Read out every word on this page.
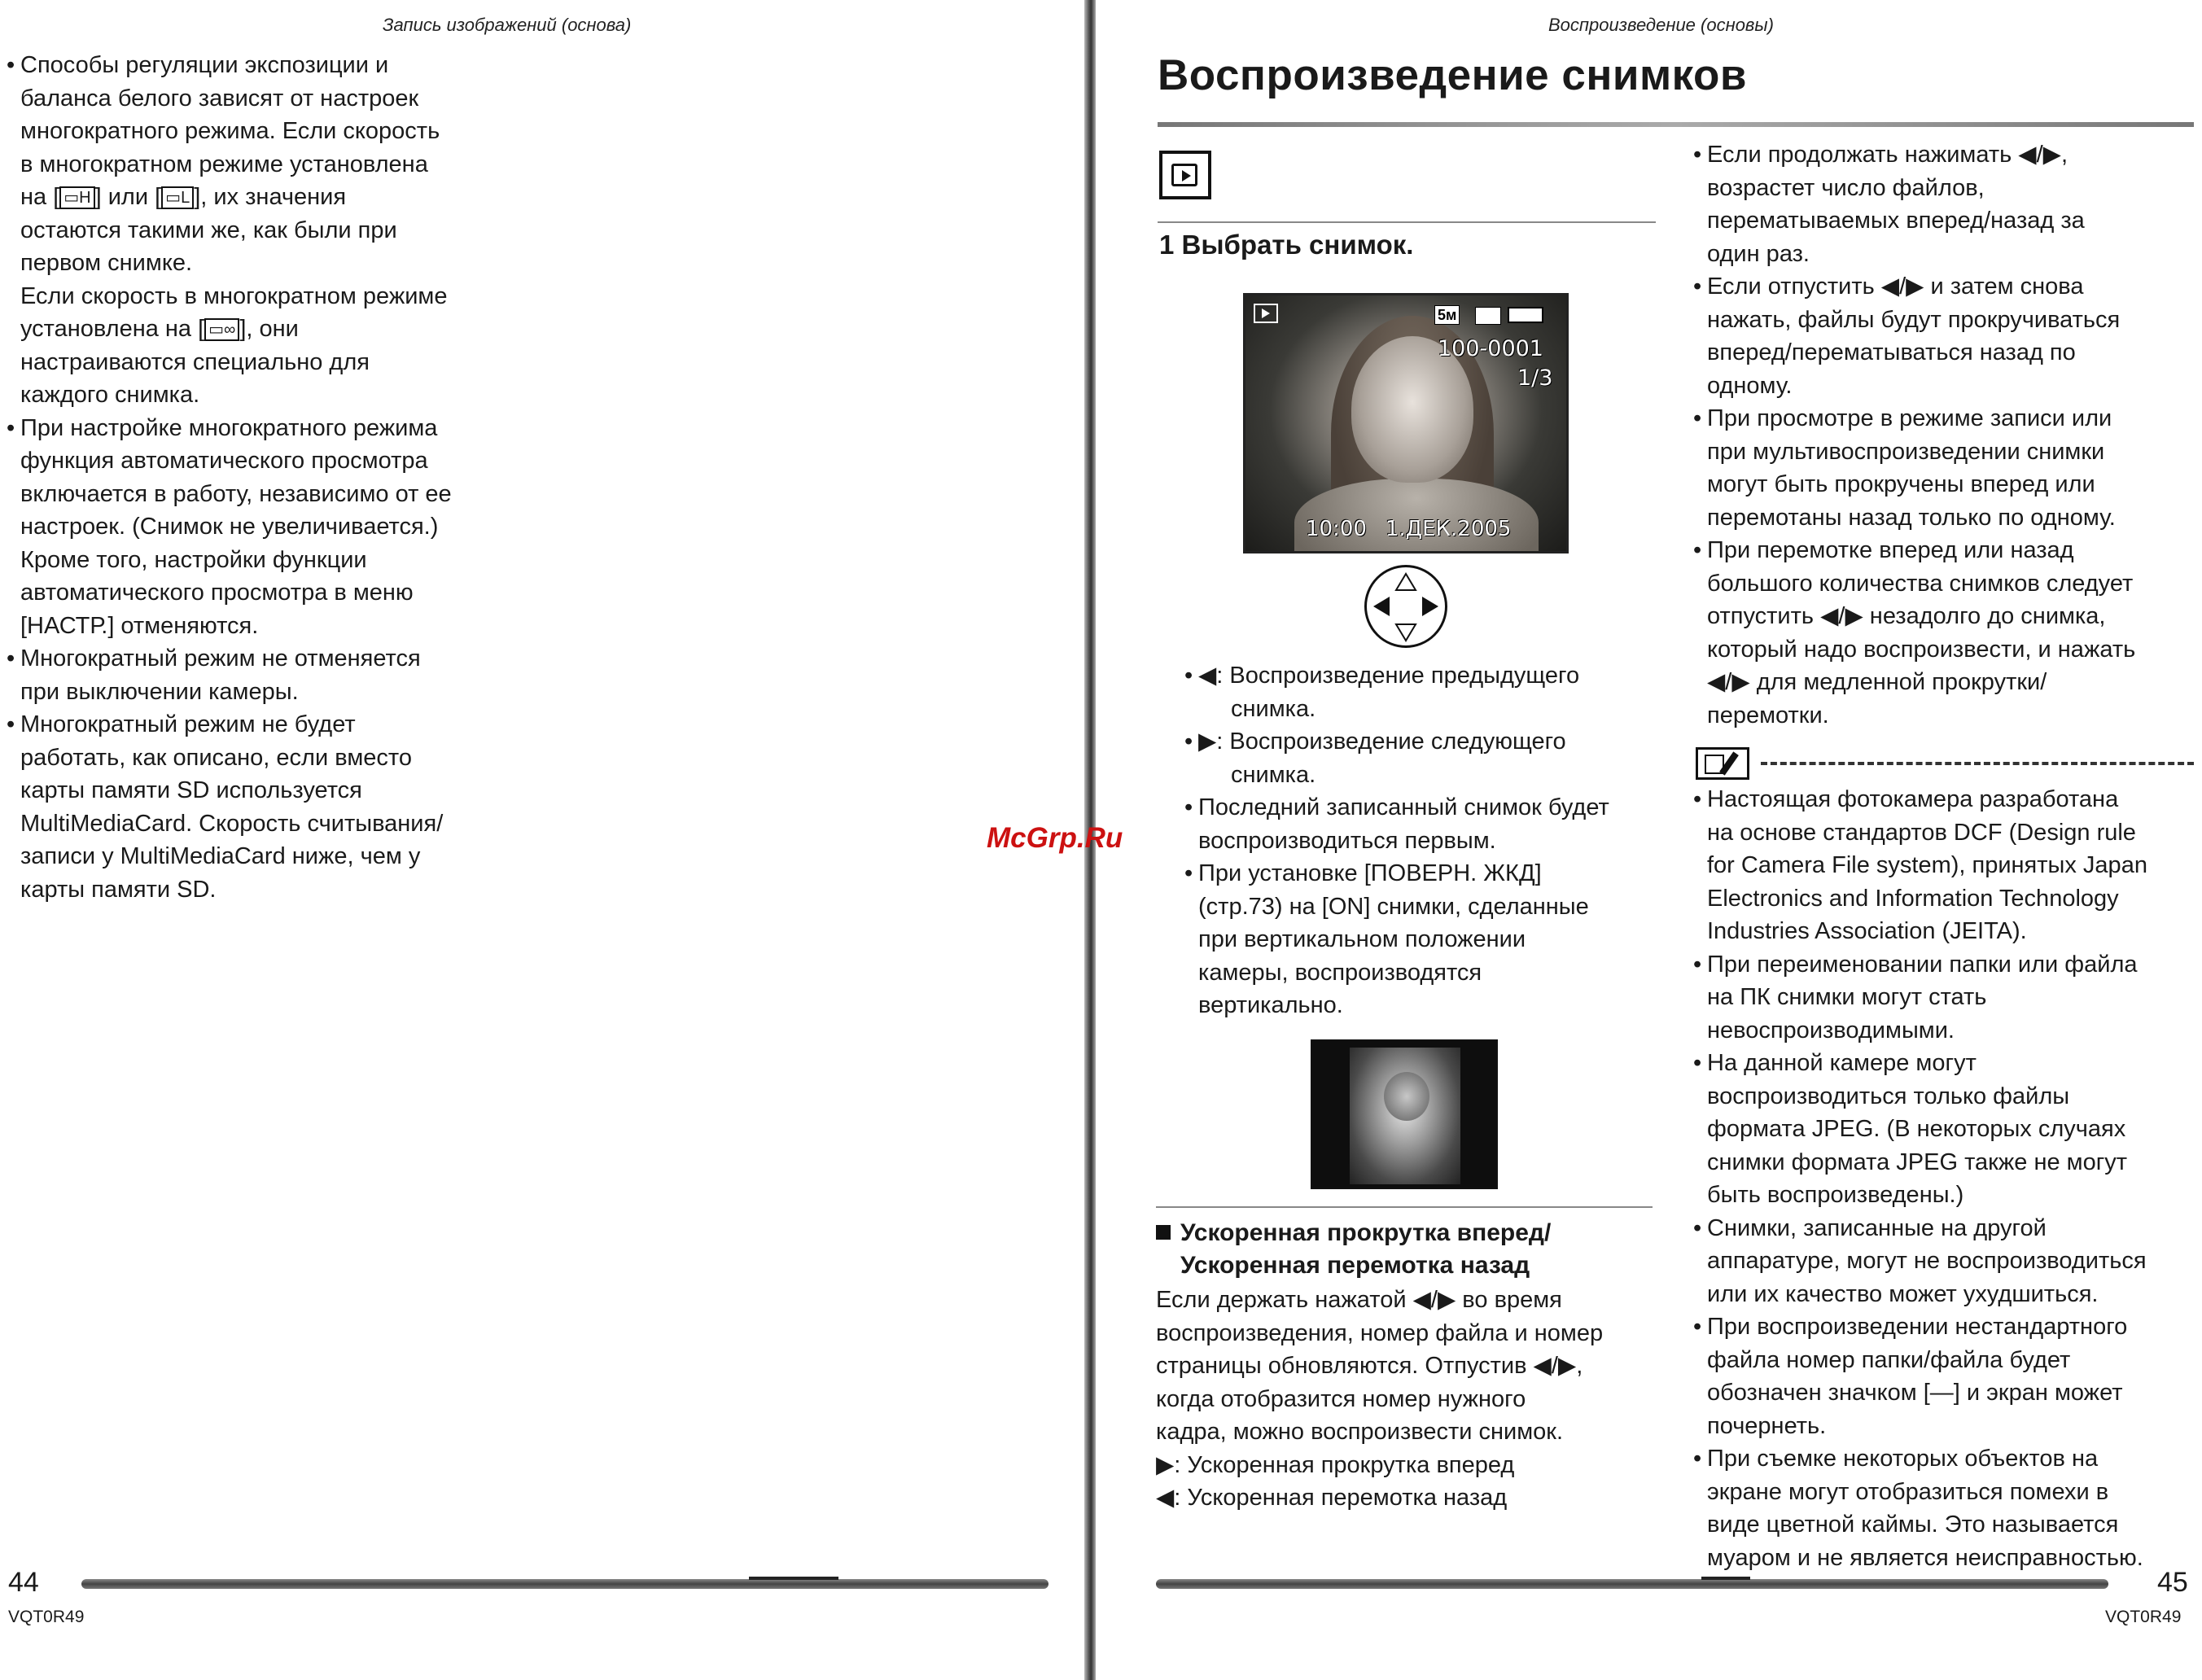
Запись изображений (основа)
• Способы регуляции экспозиции и
баланса белого зависят от настроек
многократного режима. Если скорость
в многократном режиме установлена
на [ ▭H ] или [ ▭L ], их значения
остаются такими же, как были при
первом снимке.
Если скорость в многократном режиме
установлена на [ ▭∞ ], они
настраиваются специально для
каждого снимка.
• При настройке многократного режима
функция автоматического просмотра
включается в работу, независимо от ее
настроек. (Снимок не увеличивается.)
Кроме того, настройки функции
автоматического просмотра в меню
[НАСТР.] отменяются.
• Многократный режим не отменяется
при выключении камеры.
• Многократный режим не будет
работать, как описано, если вместо
карты памяти SD используется
MultiMediaCard. Скорость считывания/
записи у MultiMediaCard ниже, чем у
карты памяти SD.
44
VQT0R49
Воспроизведение (основы)
Воспроизведение снимков
1 Выбрать снимок.
5м
100-0001
1/3
10:00 1.ДЕК.2005
• ◀: Воспроизведение предыдущего
снимка.
• ▶: Воспроизведение следующего
снимка.
• Последний записанный снимок будет
воспроизводиться первым.
• При установке [ПОВЕРН. ЖКД]
(стр.73) на [ON] снимки, сделанные
при вертикальном положении
камеры, воспроизводятся
вертикально.
Ускоренная прокрутка вперед/
Ускоренная перемотка назад
Если держать нажатой ◀/▶ во время
воспроизведения, номер файла и номер
страницы обновляются. Отпустив ◀/▶,
когда отобразится номер нужного
кадра, можно воспроизвести снимок.
▶: Ускоренная прокрутка вперед
◀: Ускоренная перемотка назад
• Если продолжать нажимать ◀/▶,
возрастет число файлов,
перематываемых вперед/назад за
один раз.
• Если отпустить ◀/▶ и затем снова
нажать, файлы будут прокручиваться
вперед/перематываться назад по
одному.
• При просмотре в режиме записи или
при мультивоспроизведении снимки
могут быть прокручены вперед или
перемотаны назад только по одному.
• При перемотке вперед или назад
большого количества снимков следует
отпустить ◀/▶ незадолго до снимка,
который надо воспроизвести, и нажать
◀/▶ для медленной прокрутки/
перемотки.
• Настоящая фотокамера разработана
на основе стандартов DCF (Design rule
for Camera File system), принятых Japan
Electronics and Information Technology
Industries Association (JEITA).
• При переименовании папки или файла
на ПК снимки могут стать
невоспроизводимыми.
• На данной камере могут
воспроизводиться только файлы
формата JPEG. (В некоторых случаях
снимки формата JPEG также не могут
быть воспроизведены.)
• Снимки, записанные на другой
аппаратуре, могут не воспроизводиться
или их качество может ухудшиться.
• При воспроизведении нестандартного
файла номер папки/файла будет
обозначен значком [—] и экран может
почернеть.
• При съемке некоторых объектов на
экране могут отобразиться помехи в
виде цветной каймы. Это называется
муаром и не является неисправностью.
45
VQT0R49
McGrp.Ru
